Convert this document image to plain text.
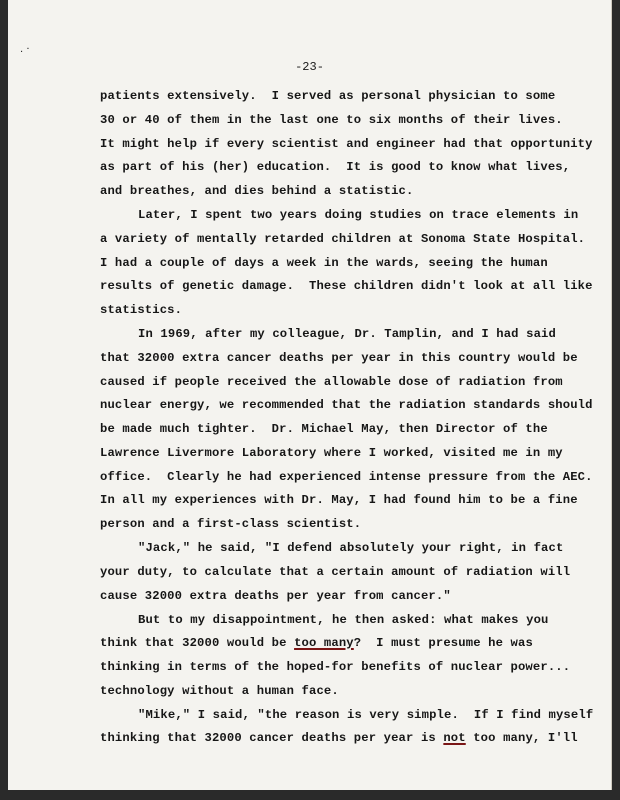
. ·
-23-
patients extensively.  I served as personal physician to some
30 or 40 of them in the last one to six months of their lives.
It might help if every scientist and engineer had that opportunity
as part of his (her) education.  It is good to know what lives,
and breathes, and dies behind a statistic.
Later, I spent two years doing studies on trace elements in
a variety of mentally retarded children at Sonoma State Hospital.
I had a couple of days a week in the wards, seeing the human
results of genetic damage.  These children didn't look at all like
statistics.
In 1969, after my colleague, Dr. Tamplin, and I had said
that 32000 extra cancer deaths per year in this country would be
caused if people received the allowable dose of radiation from
nuclear energy, we recommended that the radiation standards should
be made much tighter.  Dr. Michael May, then Director of the
Lawrence Livermore Laboratory where I worked, visited me in my
office.  Clearly he had experienced intense pressure from the AEC.
In all my experiences with Dr. May, I had found him to be a fine
person and a first-class scientist.
"Jack," he said, "I defend absolutely your right, in fact
your duty, to calculate that a certain amount of radiation will
cause 32000 extra deaths per year from cancer."
But to my disappointment, he then asked: what makes you
think that 32000 would be too many?  I must presume he was
thinking in terms of the hoped-for benefits of nuclear power...
technology without a human face.
"Mike," I said, "the reason is very simple.  If I find myself
thinking that 32000 cancer deaths per year is not too many, I'll
